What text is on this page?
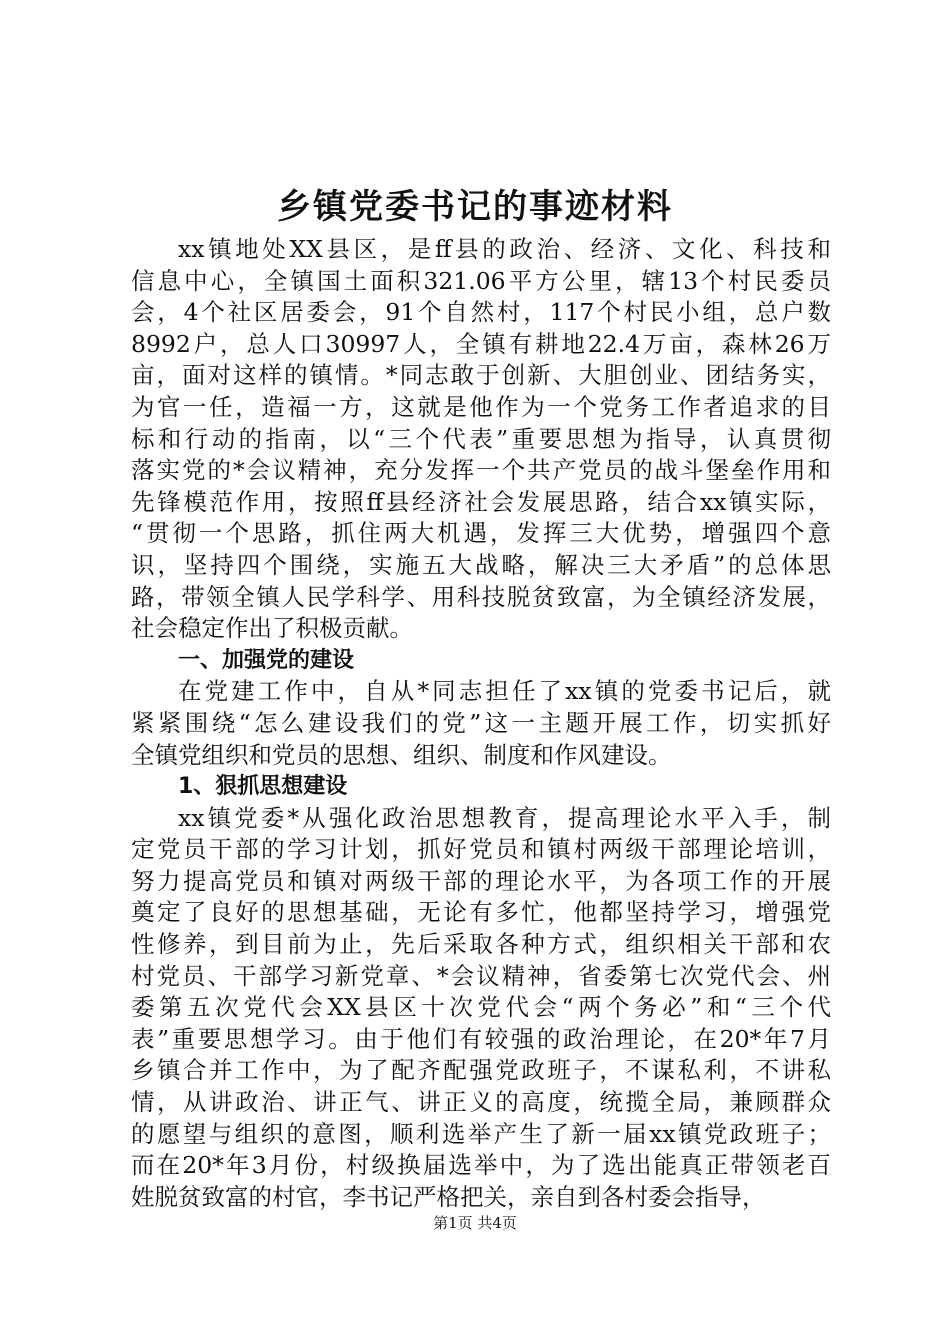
乡镇党委书记的事迹材料
xx镇地处XX县区，是ff县的政治、经济、文化、科技和
信息中心，全镇国土面积321.06平方公里，辖13个村民委员
会，4个社区居委会，91个自然村，117个村民小组，总户数
8992户，总人口30997人，全镇有耕地22.4万亩，森林26万
亩，面对这样的镇情。*同志敢于创新、大胆创业、团结务实，
为官一任，造福一方，这就是他作为一个党务工作者追求的目
标和行动的指南，以“三个代表”重要思想为指导，认真贯彻
落实党的*会议精神，充分发挥一个共产党员的战斗堡垒作用和
先锋模范作用，按照ff县经济社会发展思路，结合xx镇实际，
“贯彻一个思路，抓住两大机遇，发挥三大优势，增强四个意
识，坚持四个围绕，实施五大战略，解决三大矛盾”的总体思
路，带领全镇人民学科学、用科技脱贫致富，为全镇经济发展，
社会稳定作出了积极贡献。
一、加强党的建设
在党建工作中，自从*同志担任了xx镇的党委书记后，就
紧紧围绕“怎么建设我们的党”这一主题开展工作，切实抓好
全镇党组织和党员的思想、组织、制度和作风建设。
1、狠抓思想建设
xx镇党委*从强化政治思想教育，提高理论水平入手，制
定党员干部的学习计划，抓好党员和镇村两级干部理论培训，
努力提高党员和镇对两级干部的理论水平，为各项工作的开展
奠定了良好的思想基础，无论有多忙，他都坚持学习，增强党
性修养，到目前为止，先后采取各种方式，组织相关干部和农
村党员、干部学习新党章、*会议精神，省委第七次党代会、州
委第五次党代会XX县区十次党代会“两个务必”和“三个代
表”重要思想学习。由于他们有较强的政治理论，在20*年7月
乡镇合并工作中，为了配齐配强党政班子，不谋私利，不讲私
情，从讲政治、讲正气、讲正义的高度，统揽全局，兼顾群众
的愿望与组织的意图，顺利选举产生了新一届xx镇党政班子；
而在20*年3月份，村级换届选举中，为了选出能真正带领老百
姓脱贫致富的村官，李书记严格把关，亲自到各村委会指导，
第1页 共4页
